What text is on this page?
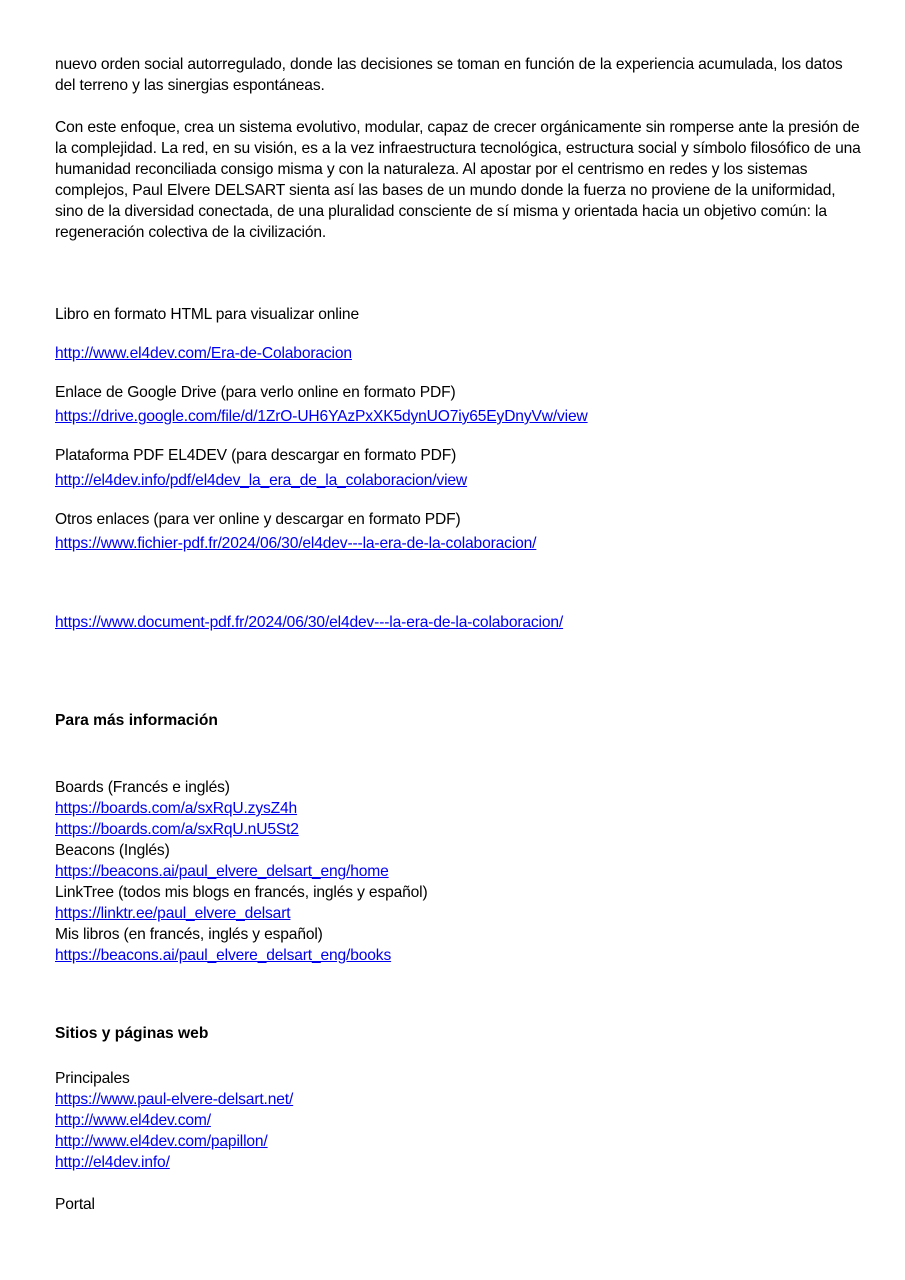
nuevo orden social autorregulado, donde las decisiones se toman en función de la experiencia acumulada, los datos
del terreno y las sinergias espontáneas.
Con este enfoque, crea un sistema evolutivo, modular, capaz de crecer orgánicamente sin romperse ante la presión de
la complejidad. La red, en su visión, es a la vez infraestructura tecnológica, estructura social y símbolo filosófico de una
humanidad reconciliada consigo misma y con la naturaleza. Al apostar por el centrismo en redes y los sistemas
complejos, Paul Elvere DELSART sienta así las bases de un mundo donde la fuerza no proviene de la uniformidad,
sino de la diversidad conectada, de una pluralidad consciente de sí misma y orientada hacia un objetivo común: la
regeneración colectiva de la civilización.
Libro en formato HTML para visualizar online
http://www.el4dev.com/Era-de-Colaboracion
Enlace de Google Drive (para verlo online en formato PDF)
https://drive.google.com/file/d/1ZrO-UH6YAzPxXK5dynUO7iy65EyDnyVw/view
Plataforma PDF EL4DEV (para descargar en formato PDF)
http://el4dev.info/pdf/el4dev_la_era_de_la_colaboracion/view
Otros enlaces (para ver online y descargar en formato PDF)
https://www.fichier-pdf.fr/2024/06/30/el4dev---la-era-de-la-colaboracion/
https://www.document-pdf.fr/2024/06/30/el4dev---la-era-de-la-colaboracion/
Para más información
Boards (Francés e inglés)
https://boards.com/a/sxRqU.zysZ4h
https://boards.com/a/sxRqU.nU5St2
Beacons (Inglés)
https://beacons.ai/paul_elvere_delsart_eng/home
LinkTree (todos mis blogs en francés, inglés y español)
https://linktr.ee/paul_elvere_delsart
Mis libros (en francés, inglés y español)
https://beacons.ai/paul_elvere_delsart_eng/books
Sitios y páginas web
Principales
https://www.paul-elvere-delsart.net/
http://www.el4dev.com/
http://www.el4dev.com/papillon/
http://el4dev.info/
Portal
